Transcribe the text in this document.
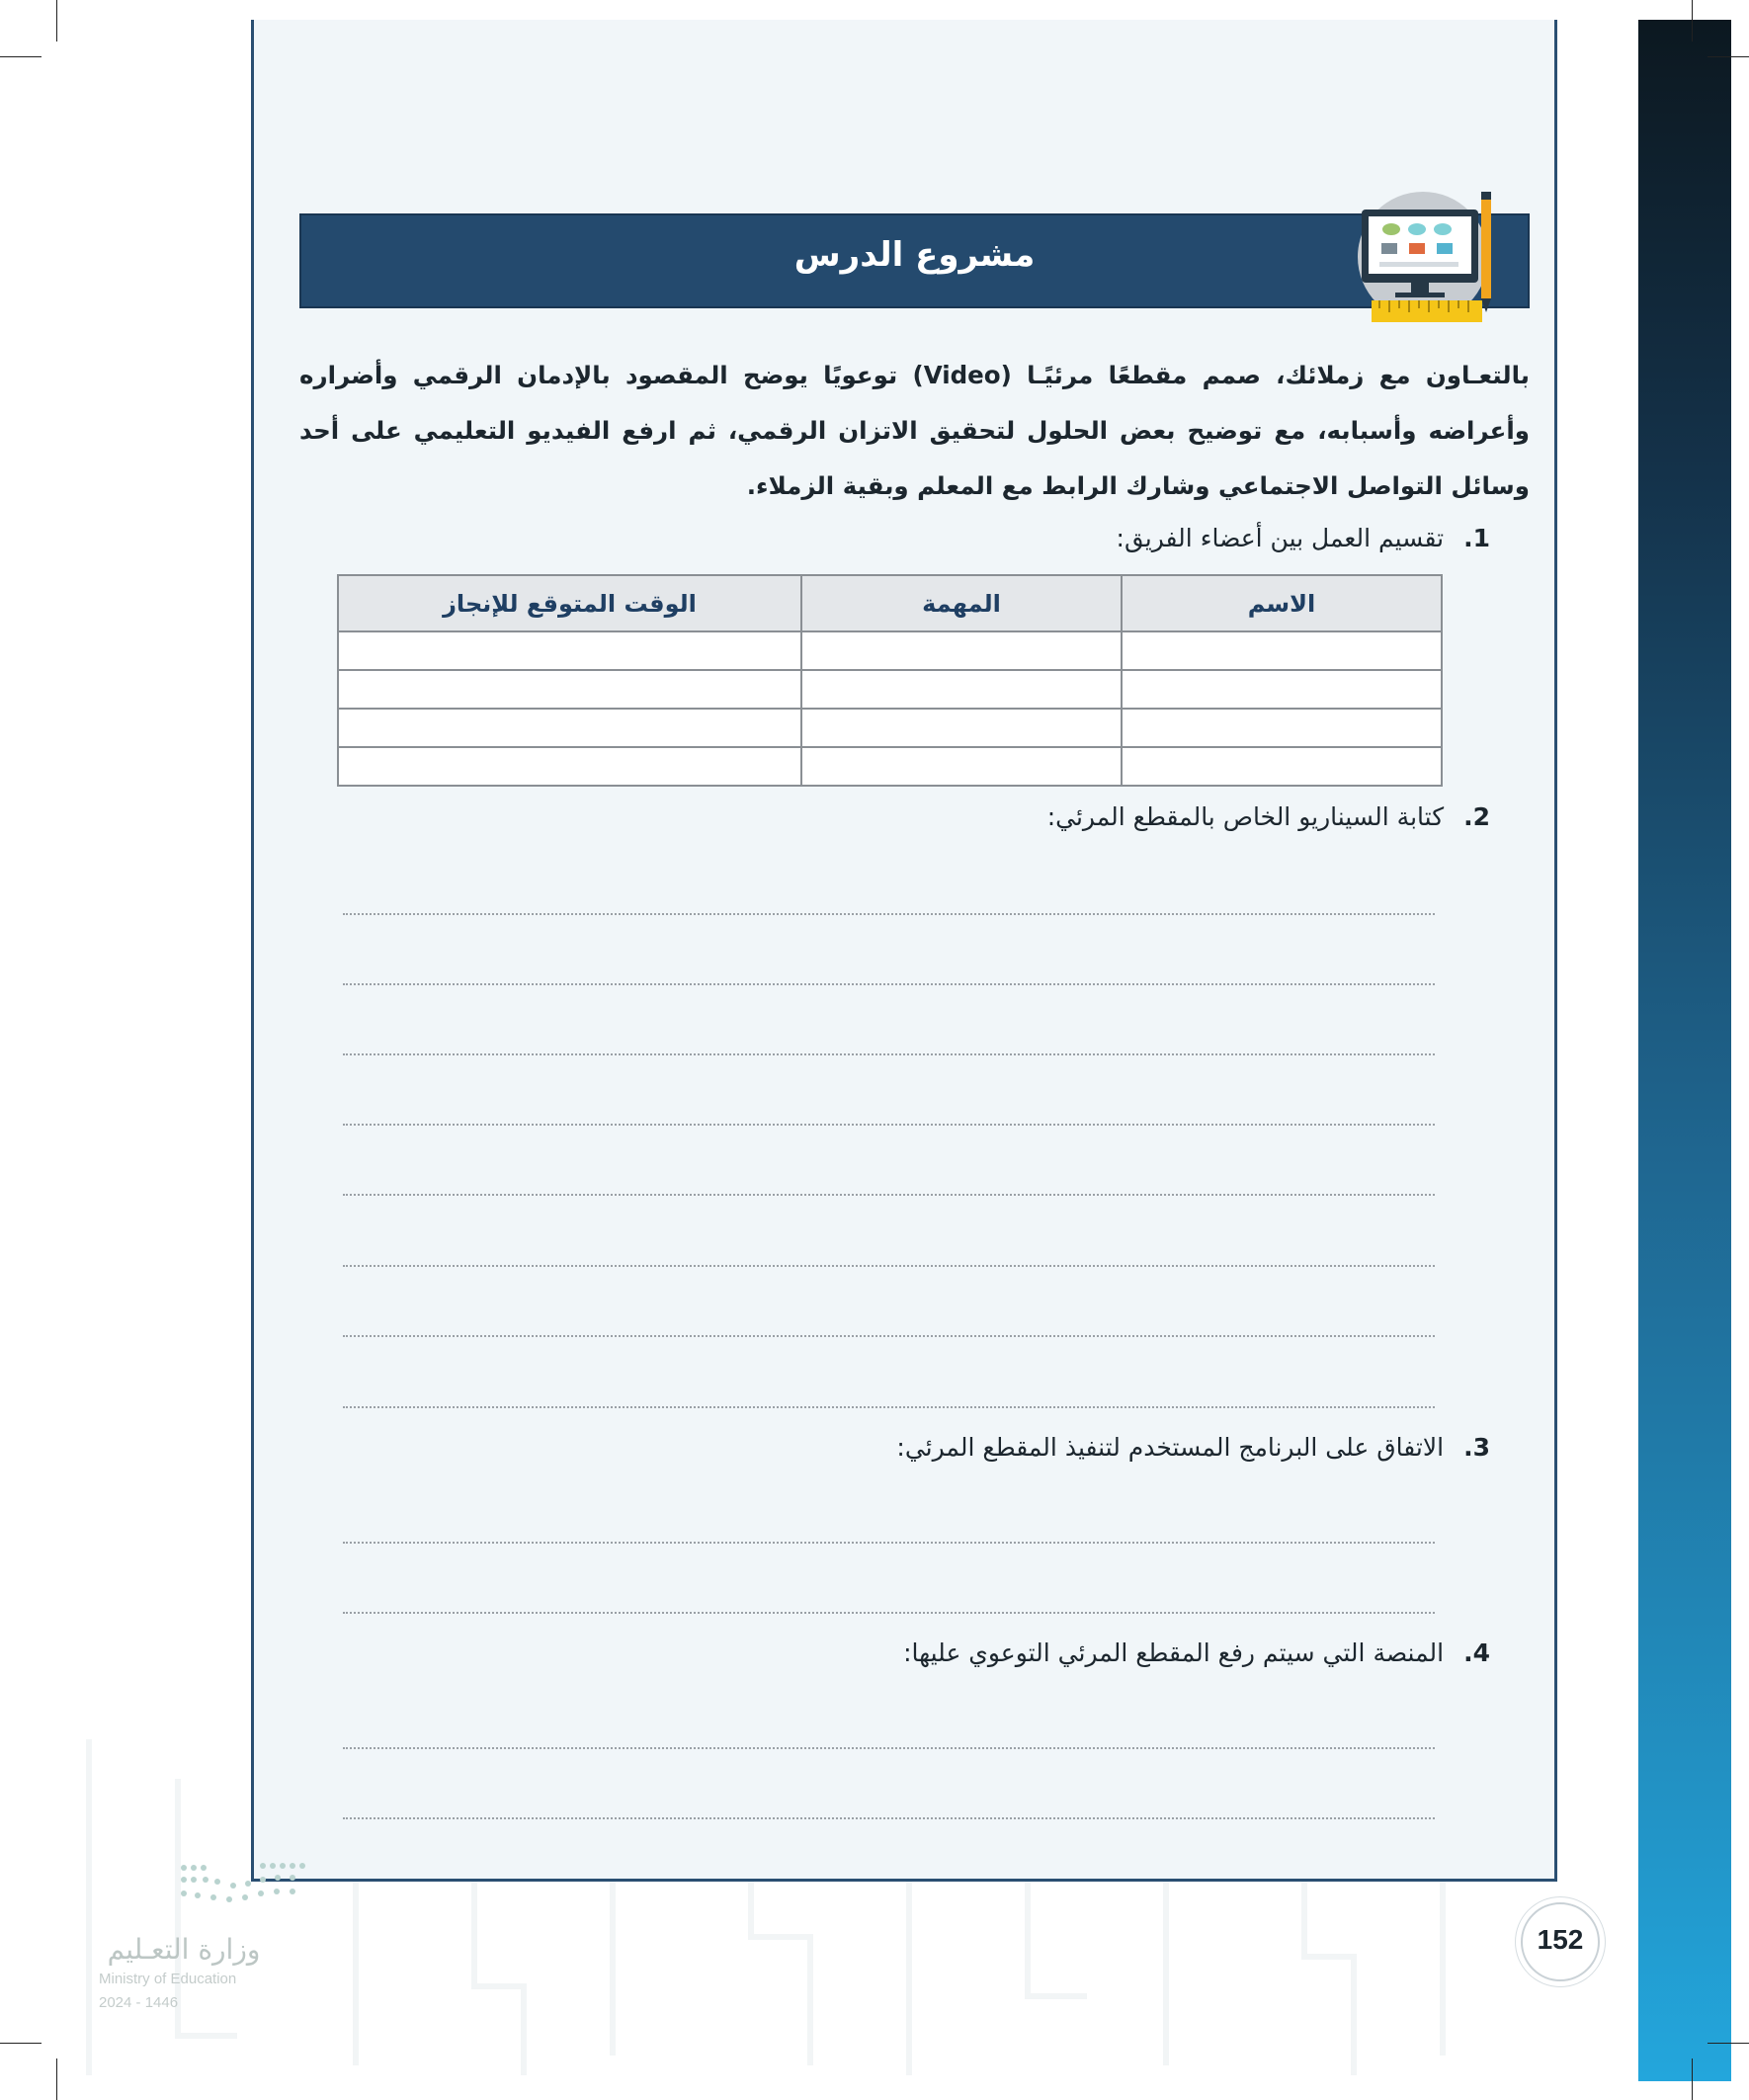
مشروع الدرس
بالتعـاون مع زملائك، صمم مقطعًا مرئيًـا (Video) توعويًا يوضح المقصود بالإدمان الرقمي وأضراره وأعراضه وأسبابه، مع توضيح بعض الحلول لتحقيق الاتزان الرقمي، ثم ارفع الفيديو التعليمي على أحد وسائل التواصل الاجتماعي وشارك الرابط مع المعلم وبقية الزملاء.
1.تقسيم العمل بين أعضاء الفريق:
الاسم	المهمة	الوقت المتوقع للإنجاز

2.كتابة السيناريو الخاص بالمقطع المرئي:
3.الاتفاق على البرنامج المستخدم لتنفيذ المقطع المرئي:
4.المنصة التي سيتم رفع المقطع المرئي التوعوي عليها:
152
وزارة التعـليم
Ministry of Education
2024 - 1446
